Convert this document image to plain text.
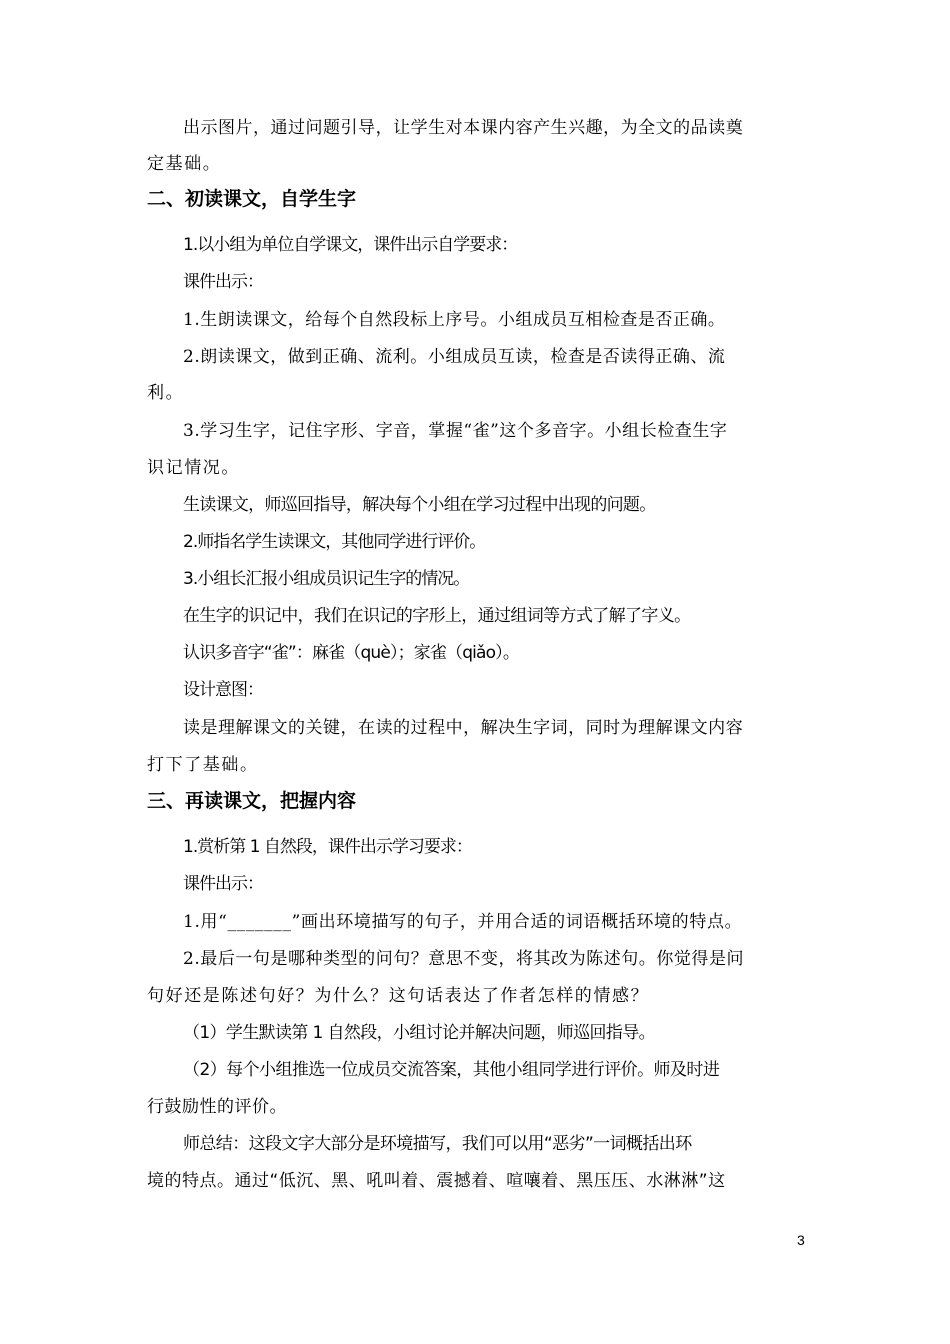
出示图片，通过问题引导，让学生对本课内容产生兴趣，为全文的品读奠
定基础。
二、初读课文，自学生字
1.以小组为单位自学课文，课件出示自学要求：
课件出示：
1.生朗读课文，给每个自然段标上序号。小组成员互相检查是否正确。
2.朗读课文，做到正确、流利。小组成员互读，检查是否读得正确、流
利。
3.学习生字，记住字形、字音，掌握“雀”这个多音字。小组长检查生字
识记情况。
生读课文，师巡回指导，解决每个小组在学习过程中出现的问题。
2.师指名学生读课文，其他同学进行评价。
3.小组长汇报小组成员识记生字的情况。
在生字的识记中，我们在识记的字形上，通过组词等方式了解了字义。
认识多音字“雀”：麻雀（què）；家雀（qiǎo）。
设计意图：
读是理解课文的关键，在读的过程中，解决生字词，同时为理解课文内容
打下了基础。
三、再读课文，把握内容
1.赏析第 1 自然段，课件出示学习要求：
课件出示：
1.用“_______”画出环境描写的句子，并用合适的词语概括环境的特点。
2.最后一句是哪种类型的问句？意思不变，将其改为陈述句。你觉得是问
句好还是陈述句好？为什么？这句话表达了作者怎样的情感？
（1）学生默读第 1 自然段，小组讨论并解决问题，师巡回指导。
（2）每个小组推选一位成员交流答案，其他小组同学进行评价。师及时进
行鼓励性的评价。
师总结：这段文字大部分是环境描写，我们可以用“恶劣”一词概括出环
境的特点。通过“低沉、黑、吼叫着、震撼着、喧嚷着、黑压压、水淋淋”这
3
